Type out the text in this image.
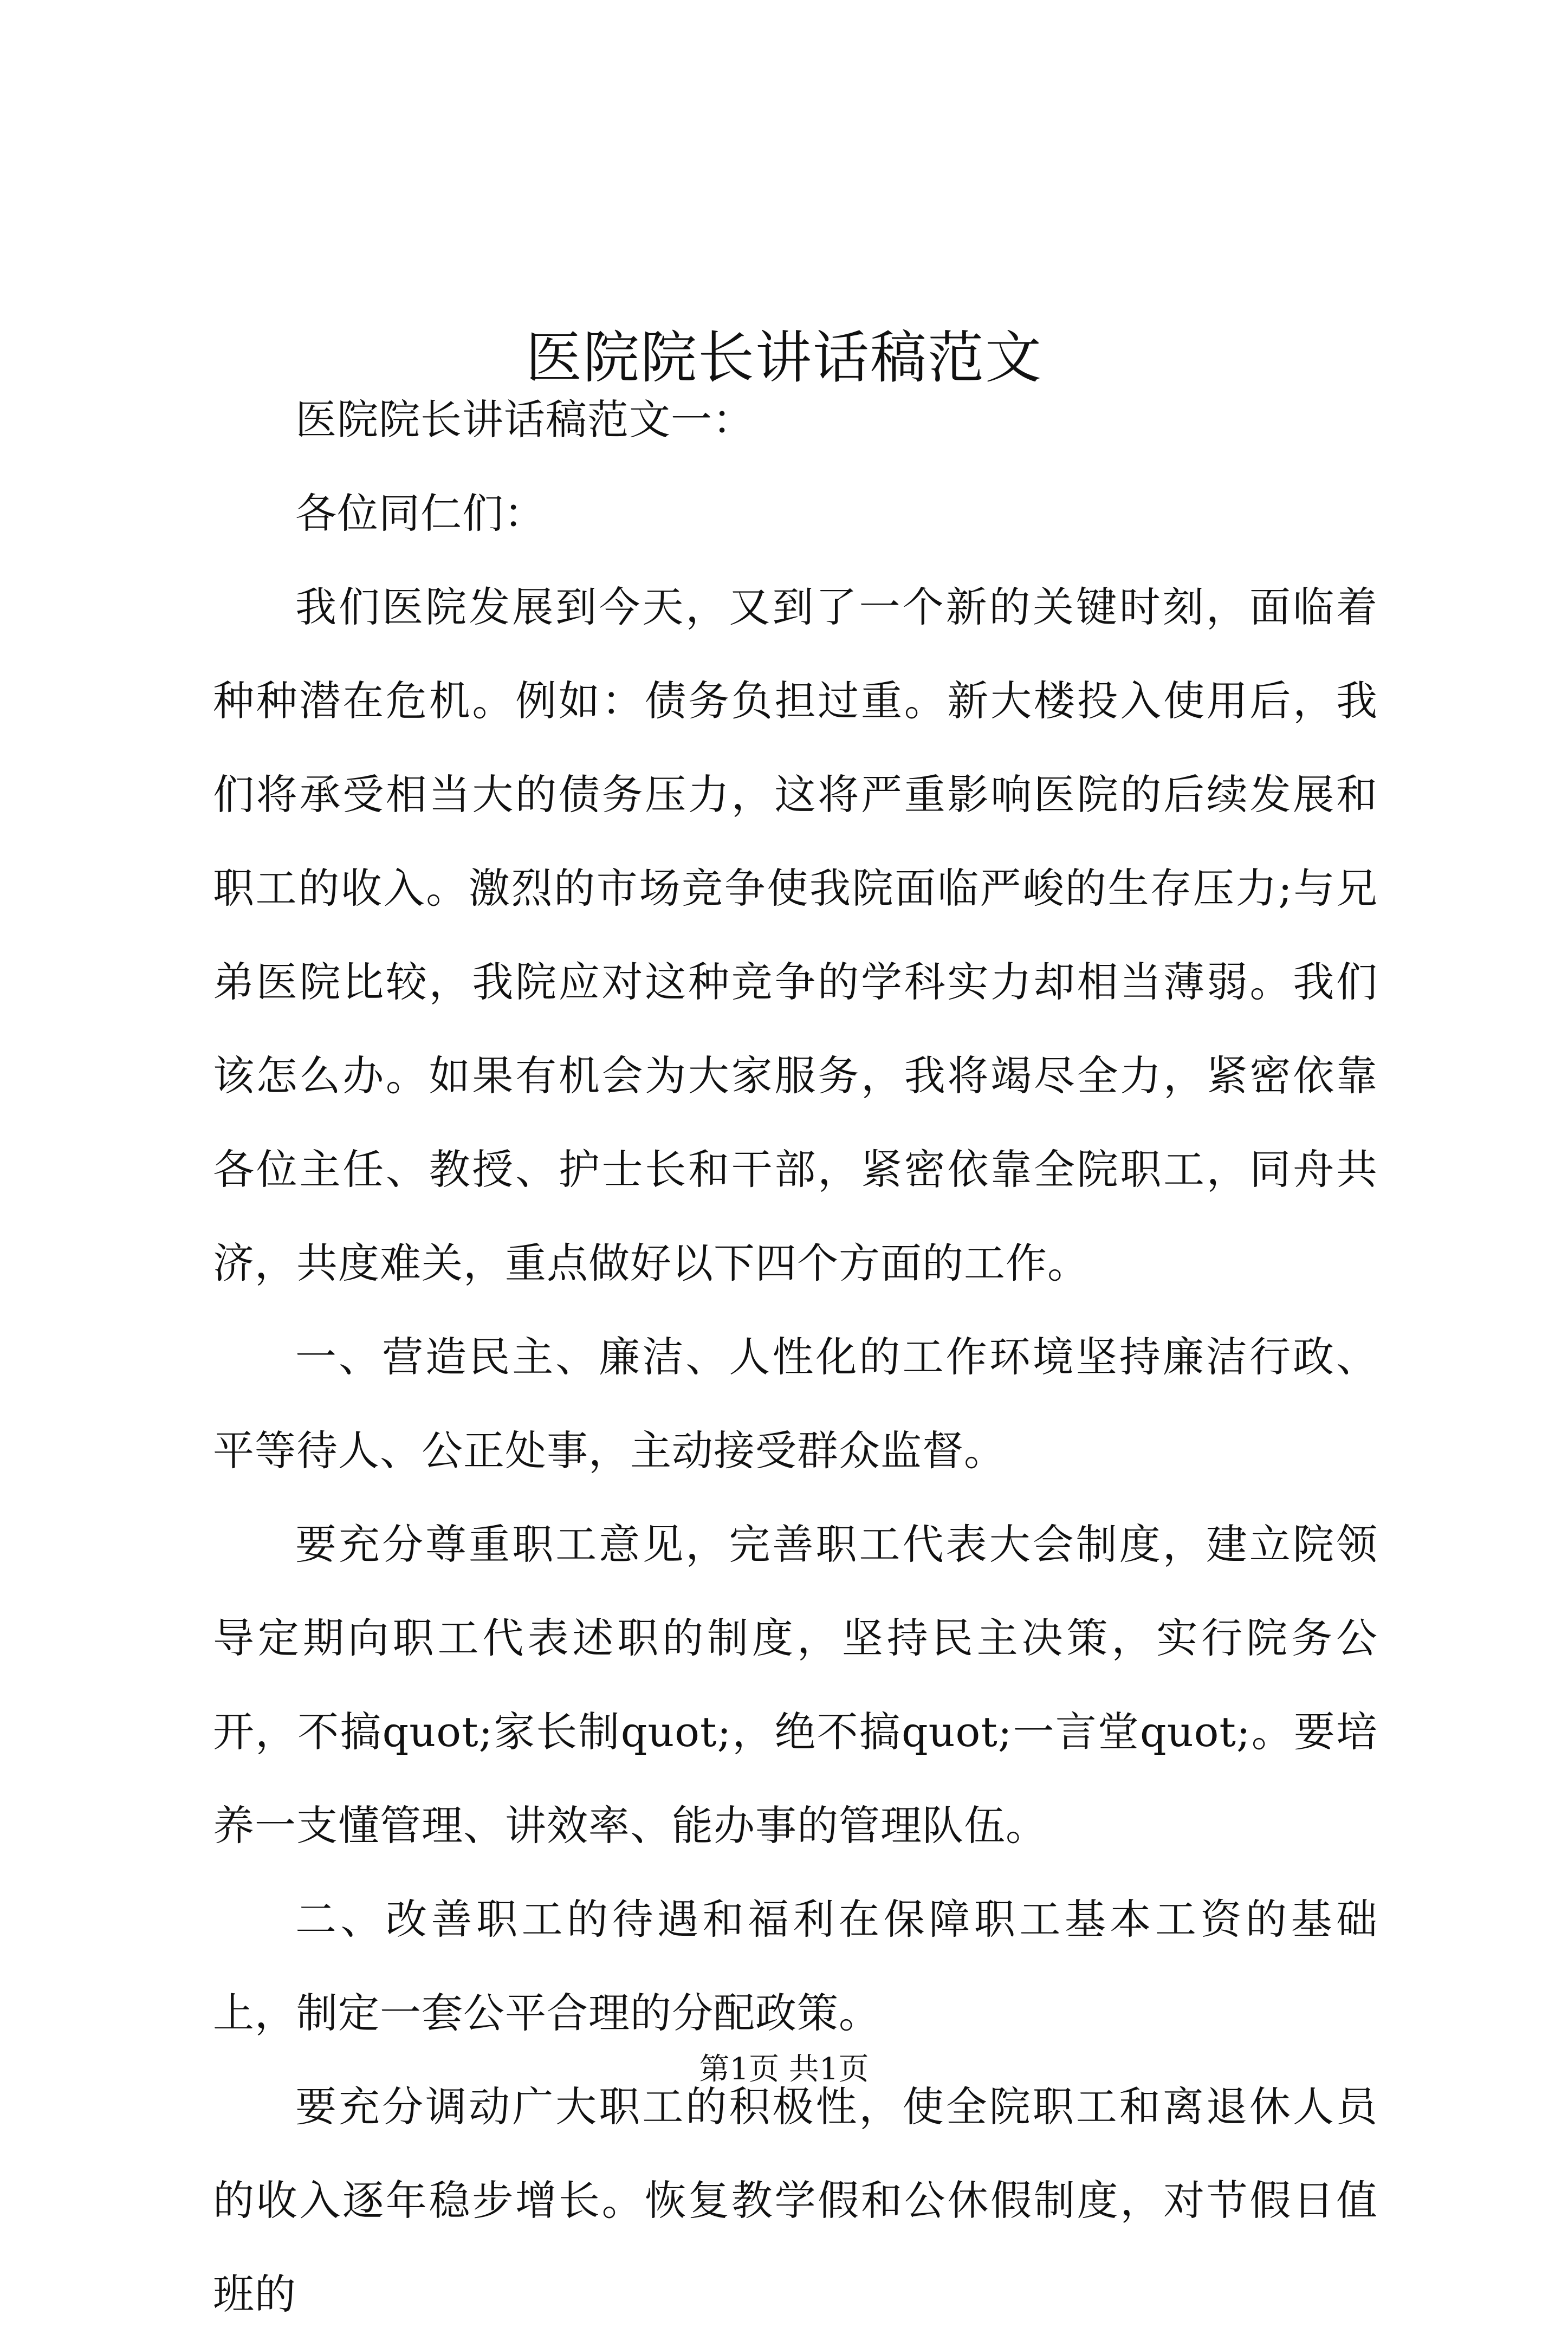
医院院长讲话稿范文

医院院长讲话稿范文一：

各位同仁们：

我们医院发展到今天，又到了一个新的关键时刻，面临着种种潜在危机。例如：债务负担过重。新大楼投入使用后，我们将承受相当大的债务压力，这将严重影响医院的后续发展和职工的收入。激烈的市场竞争使我院面临严峻的生存压力;与兄弟医院比较，我院应对这种竞争的学科实力却相当薄弱。我们该怎么办。如果有机会为大家服务，我将竭尽全力，紧密依靠各位主任、教授、护士长和干部，紧密依靠全院职工，同舟共济，共度难关，重点做好以下四个方面的工作。

一、营造民主、廉洁、人性化的工作环境坚持廉洁行政、平等待人、公正处事，主动接受群众监督。

要充分尊重职工意见，完善职工代表大会制度，建立院领导定期向职工代表述职的制度，坚持民主决策，实行院务公开，不搞quot;家长制quot;，绝不搞quot;一言堂quot;。要培养一支懂管理、讲效率、能办事的管理队伍。

二、改善职工的待遇和福利在保障职工基本工资的基础上，制定一套公平合理的分配政策。

要充分调动广大职工的积极性，使全院职工和离退休人员的收入逐年稳步增长。恢复教学假和公休假制度，对节假日值班的

第1页 共1页
